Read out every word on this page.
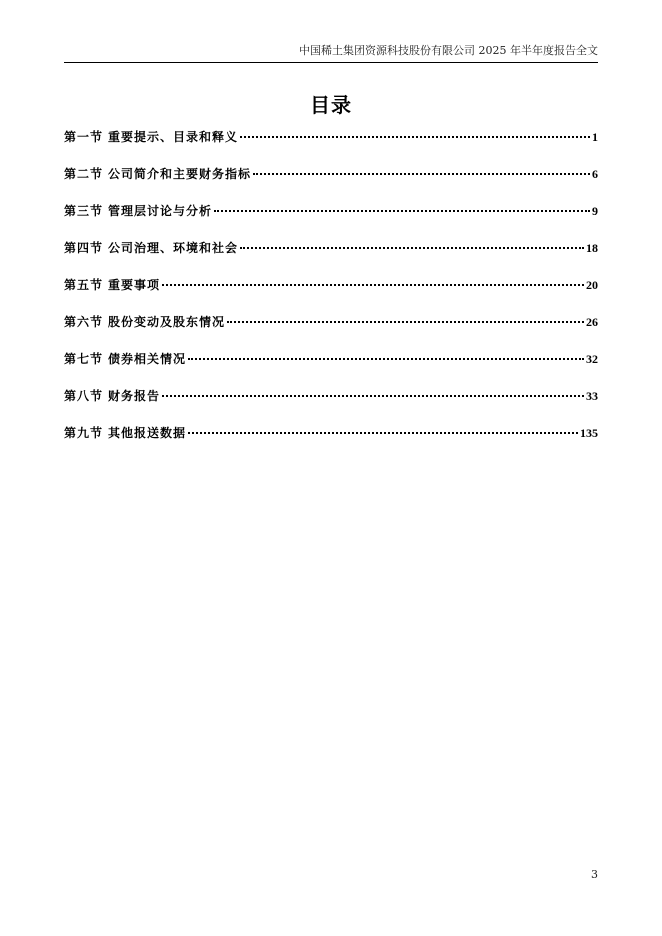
中国稀土集团资源科技股份有限公司 2025 年半年度报告全文
目录
第一节 重要提示、目录和释义	1
第二节 公司简介和主要财务指标	6
第三节 管理层讨论与分析	9
第四节 公司治理、环境和社会	18
第五节 重要事项	20
第六节 股份变动及股东情况	26
第七节 债券相关情况	32
第八节 财务报告	33
第九节 其他报送数据	135
3
